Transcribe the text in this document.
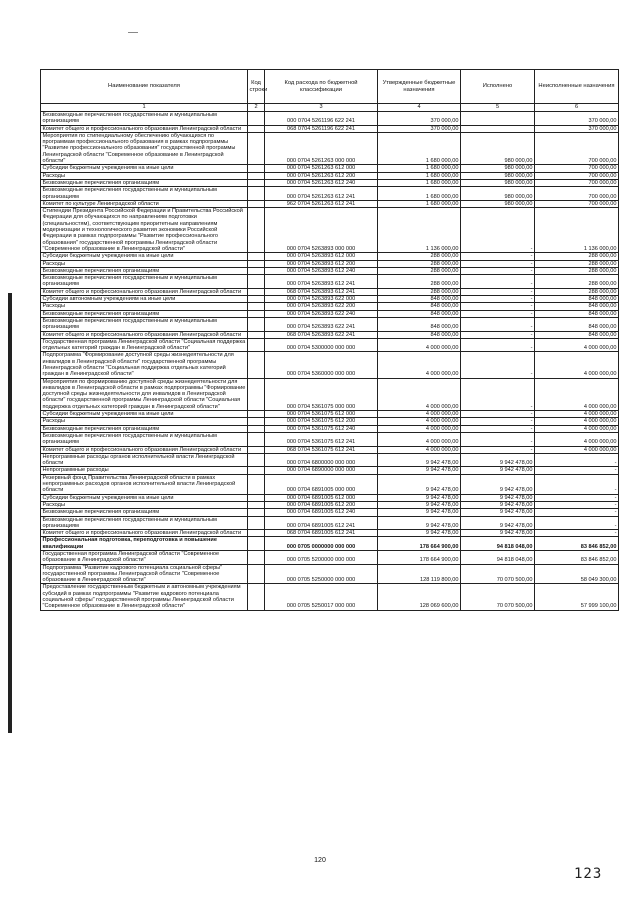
Наименование показателя	Код строки	Код расхода по бюджетной классификации	Утвержденные бюджетные назначения	Исполнено	Неисполненные назначения
1	2	3	4	5	6
Безвозмездные перечисления государственным и муниципальным организациям		000 0704 5261196 622 241	370 000,00		370 000,00
Комитет общего и профессионального образования Ленинградской области		068 0704 5261196 622 241	370 000,00		370 000,00
Мероприятия по стипендиальному обеспечению обучающихся по программам профессионального образования в рамках подпрограммы "Развитие профессионального образования" государственной программы Ленинградской области "Современное образование в Ленинградской области"		000 0704 5261263 000 000	1 680 000,00	980 000,00	700 000,00
Субсидии бюджетным учреждениям на иные цели		000 0704 5261263 612 000	1 680 000,00	980 000,00	700 000,00
Расходы		000 0704 5261263 612 200	1 680 000,00	980 000,00	700 000,00
Безвозмездные перечисления организациям		000 0704 5261263 612 240	1 680 000,00	980 000,00	700 000,00
Безвозмездные перечисления государственным и муниципальным организациям		000 0704 5261263 612 241	1 680 000,00	980 000,00	700 000,00
Комитет по культуре Ленинградской области		962 0704 5261263 612 241	1 680 000,00	980 000,00	700 000,00
Стипендии Президента Российской Федерации и Правительства Российской Федерации для обучающихся по направлениям подготовки (специальностям), соответствующим приоритетным направлениям модернизации и технологического развития экономики Российской Федерации в рамках подпрограммы "Развитие профессионального образования" государственной программы Ленинградской области "Современное образование в Ленинградской области"		000 0704 5263893 000 000	1 136 000,00	-	1 136 000,00
Субсидии бюджетным учреждениям на иные цели		000 0704 5263893 612 000	288 000,00	-	288 000,00
Расходы		000 0704 5263893 612 200	288 000,00	-	288 000,00
Безвозмездные перечисления организациям		000 0704 5263893 612 240	288 000,00	-	288 000,00
Безвозмездные перечисления государственным и муниципальным организациям		000 0704 5263893 612 241	288 000,00	-	288 000,00
Комитет общего и профессионального образования Ленинградской области		068 0704 5263893 612 241	288 000,00	-	288 000,00
Субсидии автономным учреждениям на иные цели		000 0704 5263893 622 000	848 000,00	-	848 000,00
Расходы		000 0704 5263893 622 200	848 000,00	-	848 000,00
Безвозмездные перечисления организациям		000 0704 5263893 622 240	848 000,00	-	848 000,00
Безвозмездные перечисления государственным и муниципальным организациям		000 0704 5263893 622 241	848 000,00	-	848 000,00
Комитет общего и профессионального образования Ленинградской области		068 0704 5263893 622 241	848 000,00	-	848 000,00
Государственная программа Ленинградской области "Социальная поддержка отдельных категорий граждан в Ленинградской области"		000 0704 5300000 000 000	4 000 000,00	-	4 000 000,00
Подпрограмма "Формирование доступной среды жизнедеятельности для инвалидов в Ленинградской области" государственной программы Ленинградской области "Социальная поддержка отдельных категорий граждан в Ленинградской области"		000 0704 5360000 000 000	4 000 000,00	-	4 000 000,00
Мероприятия по формированию доступной среды жизнедеятельности для инвалидов в Ленинградской области в рамках подпрограммы "Формирование доступной среды жизнедеятельности для инвалидов в Ленинградской области" государственной программы Ленинградской области "Социальная поддержка отдельных категорий граждан в Ленинградской области"		000 0704 5361075 000 000	4 000 000,00	-	4 000 000,00
Субсидии бюджетным учреждениям на иные цели		000 0704 5361075 612 000	4 000 000,00	-	4 000 000,00
Расходы		000 0704 5361075 612 200	4 000 000,00	-	4 000 000,00
Безвозмездные перечисления организациям		000 0704 5361075 612 240	4 000 000,00	-	4 000 000,00
Безвозмездные перечисления государственным и муниципальным организациям		000 0704 5361075 612 241	4 000 000,00	-	4 000 000,00
Комитет общего и профессионального образования Ленинградской области		068 0704 5361075 612 241	4 000 000,00	-	4 000 000,00
Непрограммные расходы органов исполнительной власти Ленинградской области		000 0704 6800000 000 000	9 942 478,00	9 942 478,00	-
Непрограммные расходы		000 0704 6890000 000 000	9 942 478,00	9 942 478,00	-
Резервный фонд Правительства Ленинградской области в рамках непрограммных расходов органов исполнительной власти Ленинградской области		000 0704 6891005 000 000	9 942 478,00	9 942 478,00	-
Субсидии бюджетным учреждениям на иные цели		000 0704 6891005 612 000	9 942 478,00	9 942 478,00	-
Расходы		000 0704 6891005 612 200	9 942 478,00	9 942 478,00	-
Безвозмездные перечисления организациям		000 0704 6891005 612 240	9 942 478,00	9 942 478,00	-
Безвозмездные перечисления государственным и муниципальным организациям		000 0704 6891005 612 241	9 942 478,00	9 942 478,00	-
Комитет общего и профессионального образования Ленинградской области		068 0704 6891005 612 241	9 942 478,00	9 942 478,00	-
Профессиональная подготовка, переподготовка и повышение квалификации		000 0705 0000000 000 000	178 664 900,00	94 818 048,00	83 846 852,00
Государственная программа Ленинградской области "Современное образование в Ленинградской области"		000 0705 5200000 000 000	178 664 900,00	94 818 048,00	83 846 852,00
Подпрограмма "Развитие кадрового потенциала социальной сферы" государственной программы Ленинградской области "Современное образование в Ленинградской области"		000 0705 5250000 000 000	128 119 800,00	70 070 500,00	58 049 300,00
Предоставление государственным бюджетным и автономным учреждениям субсидий в рамках подпрограммы "Развитие кадрового потенциала социальной сферы" государственной программы Ленинградской области "Современное образование в Ленинградской области"		000 0705 5250017 000 000	128 069 600,00	70 070 500,00	57 999 100,00
120
123
